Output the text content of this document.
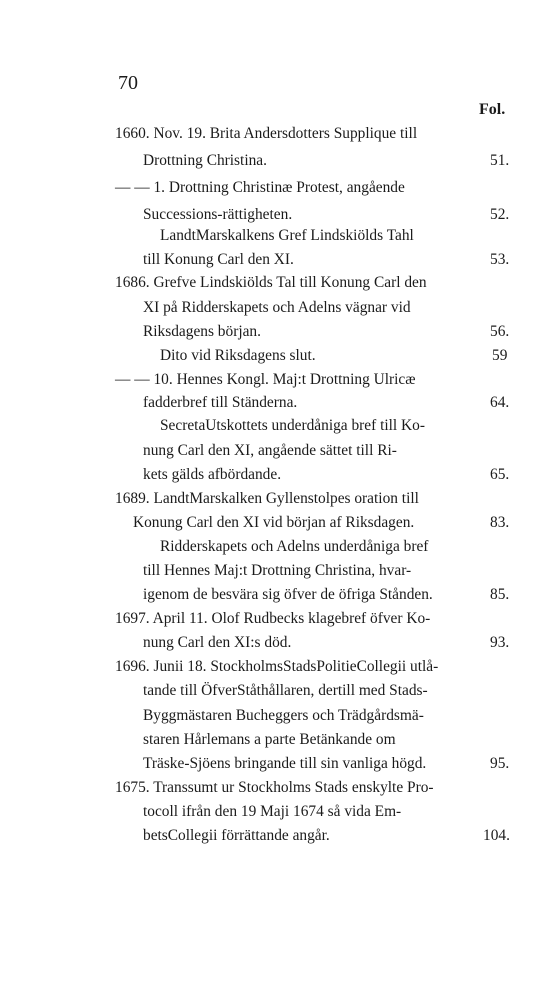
70
Fol.
1660. Nov. 19. Brita Andersdotters Supplique till
Drottning Christina.	51.
— — 1. Drottning Christinæ Protest, angående
Successions-rättigheten.	52.
LandtMarskalkens Gref Lindskiölds Tahl
till Konung Carl den XI.	53.
1686. Grefve Lindskiölds Tal till Konung Carl den
XI på Ridderskapets och Adelns vägnar vid
Riksdagens början.	56.
Dito vid Riksdagens slut.	59
— — 10. Hennes Kongl. Maj:t Drottning Ulricæ
fadderbref till Ständerna.	64.
SecretaUtskottets underdåniga bref till Ko-
nung Carl den XI, angående sättet till Ri-
kets gälds afbördande.	65.
1689. LandtMarskalken Gyllenstolpes oration till
Konung Carl den XI vid början af Riksdagen.	83.
Ridderskapets och Adelns underdåniga bref
till Hennes Maj:t Drottning Christina, hvar-
igenom de besvära sig öfver de öfriga Stånden.	85.
1697. April 11. Olof Rudbecks klagebref öfver Ko-
nung Carl den XI:s död.	93.
1696. Junii 18. StockholmsStadsPolitieCollegii utlå-
tande till ÖfverStåthållaren, dertill med Stads-
Byggmästaren Bucheggers och Trädgårdsmä-
staren Hårlemans a parte Betänkande om
Träske-Sjöens bringande till sin vanliga högd.	95.
1675. Transsumt ur Stockholms Stads enskylte Pro-
tocoll ifrån den 19 Maji 1674 så vida Em-
betsCollegii förrättande angår.	104.
